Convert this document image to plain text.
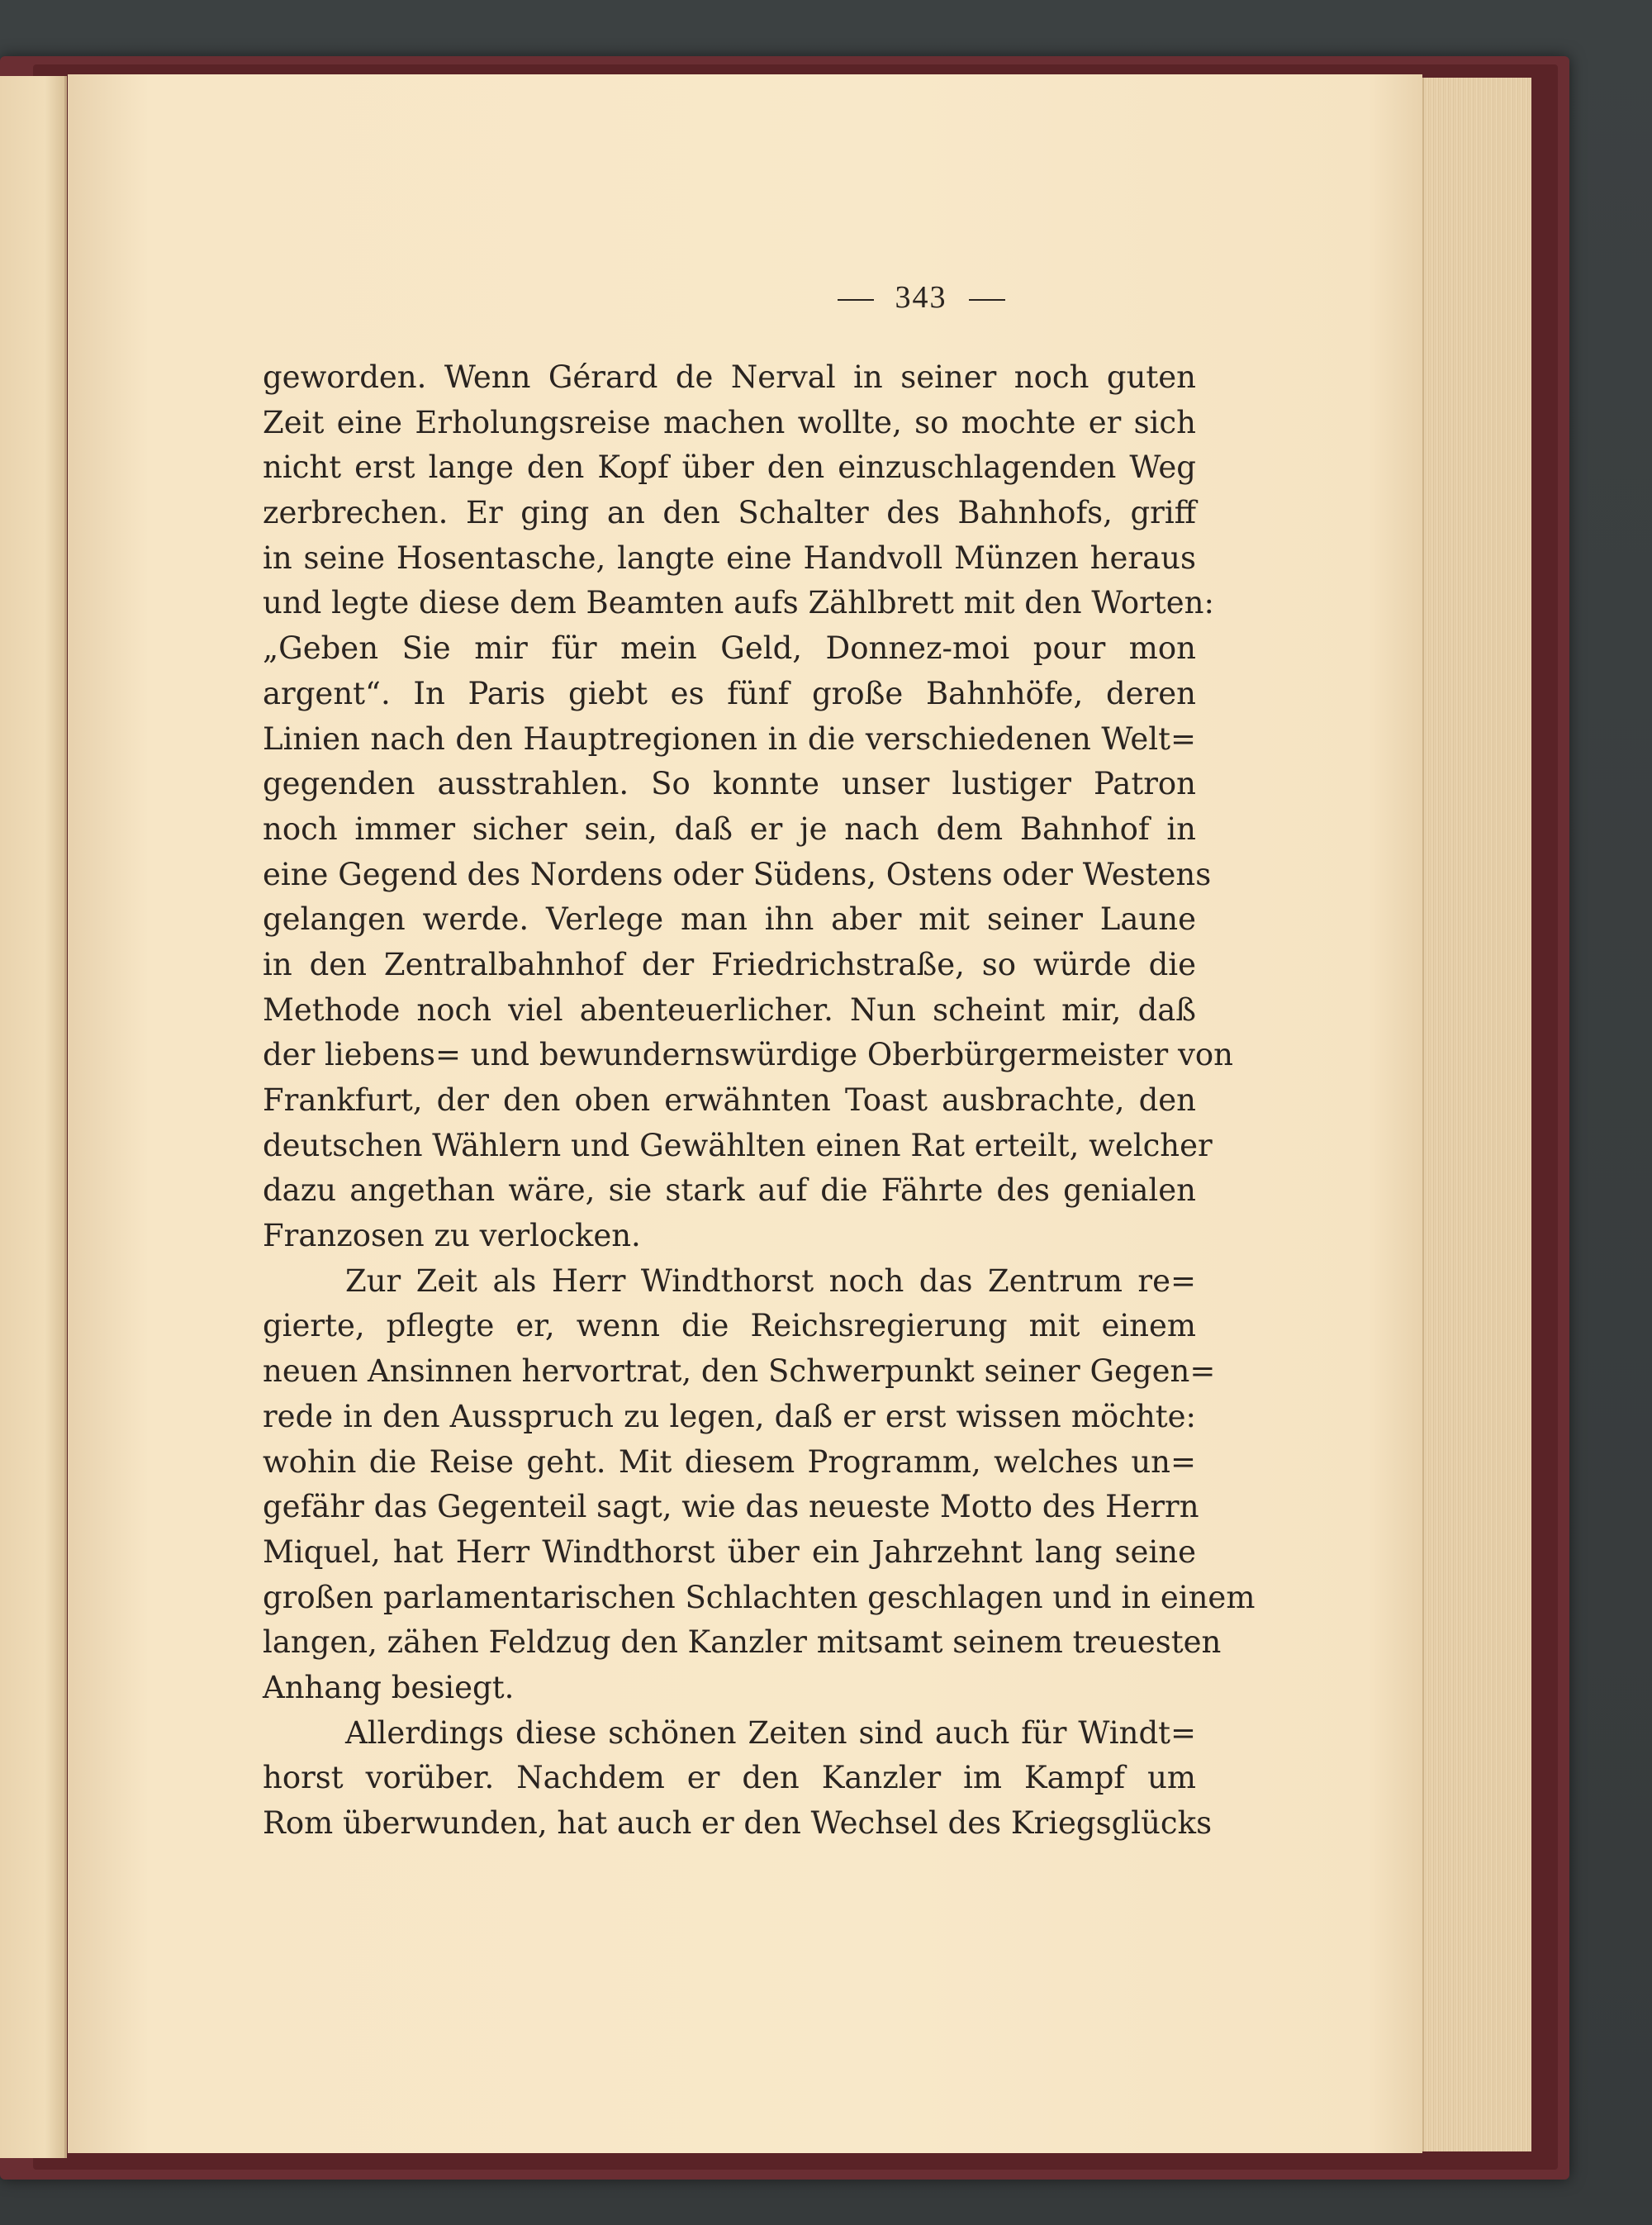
343
geworden. Wenn Gérard de Nerval in seiner noch guten
Zeit eine Erholungsreise machen wollte, so mochte er sich
nicht erst lange den Kopf über den einzuschlagenden Weg
zerbrechen. Er ging an den Schalter des Bahnhofs, griff
in seine Hosentasche, langte eine Handvoll Münzen heraus
und legte diese dem Beamten aufs Zählbrett mit den Worten:
„Geben Sie mir für mein Geld, Donnez-moi pour mon
argent“. In Paris giebt es fünf große Bahnhöfe, deren
Linien nach den Hauptregionen in die verschiedenen Welt=
gegenden ausstrahlen. So konnte unser lustiger Patron
noch immer sicher sein, daß er je nach dem Bahnhof in
eine Gegend des Nordens oder Südens, Ostens oder Westens
gelangen werde. Verlege man ihn aber mit seiner Laune
in den Zentralbahnhof der Friedrichstraße, so würde die
Methode noch viel abenteuerlicher. Nun scheint mir, daß
der liebens= und bewundernswürdige Oberbürgermeister von
Frankfurt, der den oben erwähnten Toast ausbrachte, den
deutschen Wählern und Gewählten einen Rat erteilt, welcher
dazu angethan wäre, sie stark auf die Fährte des genialen
Franzosen zu verlocken.
Zur Zeit als Herr Windthorst noch das Zentrum re=
gierte, pflegte er, wenn die Reichsregierung mit einem
neuen Ansinnen hervortrat, den Schwerpunkt seiner Gegen=
rede in den Ausspruch zu legen, daß er erst wissen möchte:
wohin die Reise geht. Mit diesem Programm, welches un=
gefähr das Gegenteil sagt, wie das neueste Motto des Herrn
Miquel, hat Herr Windthorst über ein Jahrzehnt lang seine
großen parlamentarischen Schlachten geschlagen und in einem
langen, zähen Feldzug den Kanzler mitsamt seinem treuesten
Anhang besiegt.
Allerdings diese schönen Zeiten sind auch für Windt=
horst vorüber. Nachdem er den Kanzler im Kampf um
Rom überwunden, hat auch er den Wechsel des Kriegsglücks
